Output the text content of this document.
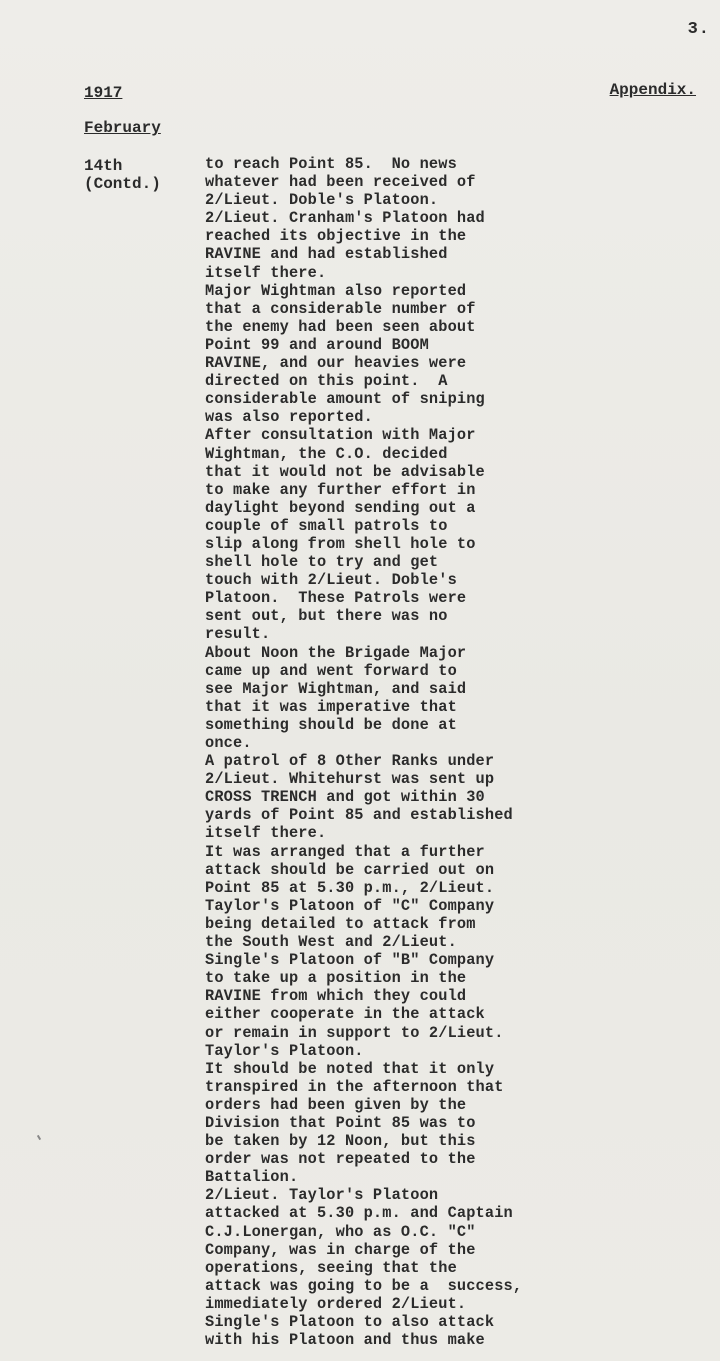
3.
1917	Appendix.
February
14th
(Contd.)
to reach Point 85.  No news
whatever had been received of
2/Lieut. Doble's Platoon.
2/Lieut. Cranham's Platoon had
reached its objective in the
RAVINE and had established
itself there.
Major Wightman also reported
that a considerable number of
the enemy had been seen about
Point 99 and around BOOM
RAVINE, and our heavies were
directed on this point.  A
considerable amount of sniping
was also reported.
After consultation with Major
Wightman, the C.O. decided
that it would not be advisable
to make any further effort in
daylight beyond sending out a
couple of small patrols to
slip along from shell hole to
shell hole to try and get
touch with 2/Lieut. Doble's
Platoon.  These Patrols were
sent out, but there was no
result.
About Noon the Brigade Major
came up and went forward to
see Major Wightman, and said
that it was imperative that
something should be done at
once.
A patrol of 8 Other Ranks under
2/Lieut. Whitehurst was sent up
CROSS TRENCH and got within 30
yards of Point 85 and established
itself there.
It was arranged that a further
attack should be carried out on
Point 85 at 5.30 p.m., 2/Lieut.
Taylor's Platoon of "C" Company
being detailed to attack from
the South West and 2/Lieut.
Single's Platoon of "B" Company
to take up a position in the
RAVINE from which they could
either cooperate in the attack
or remain in support to 2/Lieut.
Taylor's Platoon.
It should be noted that it only
transpired in the afternoon that
orders had been given by the
Division that Point 85 was to
be taken by 12 Noon, but this
order was not repeated to the
Battalion.
2/Lieut. Taylor's Platoon
attacked at 5.30 p.m. and Captain
C.J.Lonergan, who as O.C. "C"
Company, was in charge of the
operations, seeing that the
attack was going to be a  success,
immediately ordered 2/Lieut.
Single's Platoon to also attack
with his Platoon and thus make
